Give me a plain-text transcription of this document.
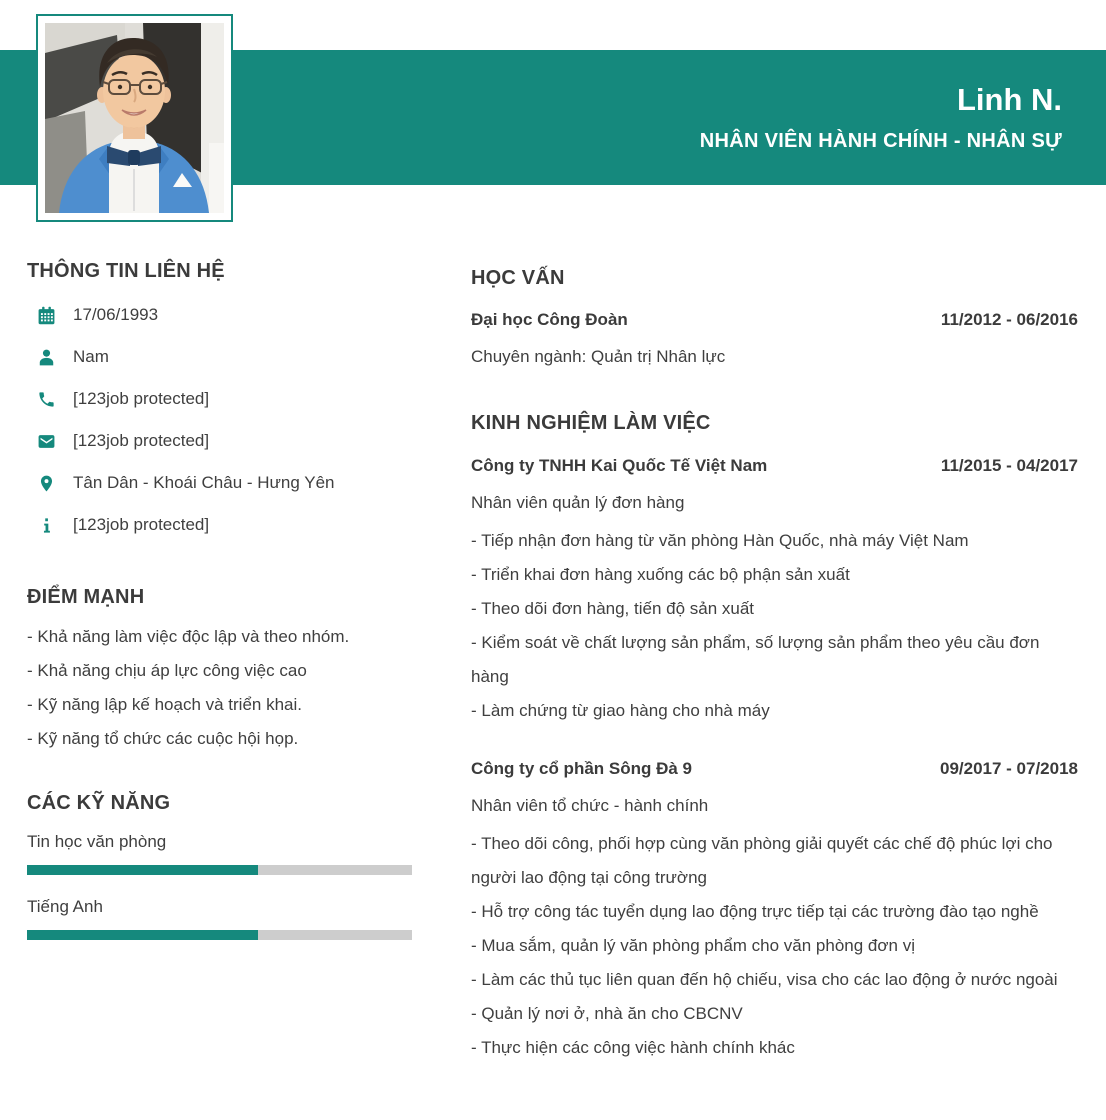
Linh N.
NHÂN VIÊN HÀNH CHÍNH - NHÂN SỰ
THÔNG TIN LIÊN HỆ
17/06/1993
Nam
[123job protected]
[123job protected]
Tân Dân - Khoái Châu - Hưng Yên
[123job protected]
ĐIỂM MẠNH
- Khả năng làm việc độc lập và theo nhóm.
- Khả năng chịu áp lực công việc cao
- Kỹ năng lập kế hoạch và triển khai.
- Kỹ năng tổ chức các cuộc hội họp.
CÁC KỸ NĂNG
Tin học văn phòng
Tiếng Anh
HỌC VẤN
Đại học Công Đoàn	11/2012 - 06/2016
Chuyên ngành: Quản trị Nhân lực
KINH NGHIỆM LÀM VIỆC
Công ty TNHH Kai Quốc Tế Việt Nam	11/2015 - 04/2017
Nhân viên quản lý đơn hàng
- Tiếp nhận đơn hàng từ văn phòng Hàn Quốc, nhà máy Việt Nam
- Triển khai đơn hàng xuống các bộ phận sản xuất
- Theo dõi đơn hàng, tiến độ sản xuất
- Kiểm soát về chất lượng sản phẩm, số lượng sản phẩm theo yêu cầu đơn hàng
- Làm chứng từ giao hàng cho nhà máy
Công ty cổ phần Sông Đà 9	09/2017 - 07/2018
Nhân viên tổ chức - hành chính
- Theo dõi công, phối hợp cùng văn phòng giải quyết các chế độ phúc lợi cho người lao động tại công trường
- Hỗ trợ công tác tuyển dụng lao động trực tiếp tại các trường đào tạo nghề
- Mua sắm, quản lý văn phòng phẩm cho văn phòng đơn vị
- Làm các thủ tục liên quan đến hộ chiếu, visa cho các lao động ở nước ngoài
- Quản lý nơi ở, nhà ăn cho CBCNV
- Thực hiện các công việc hành chính khác
